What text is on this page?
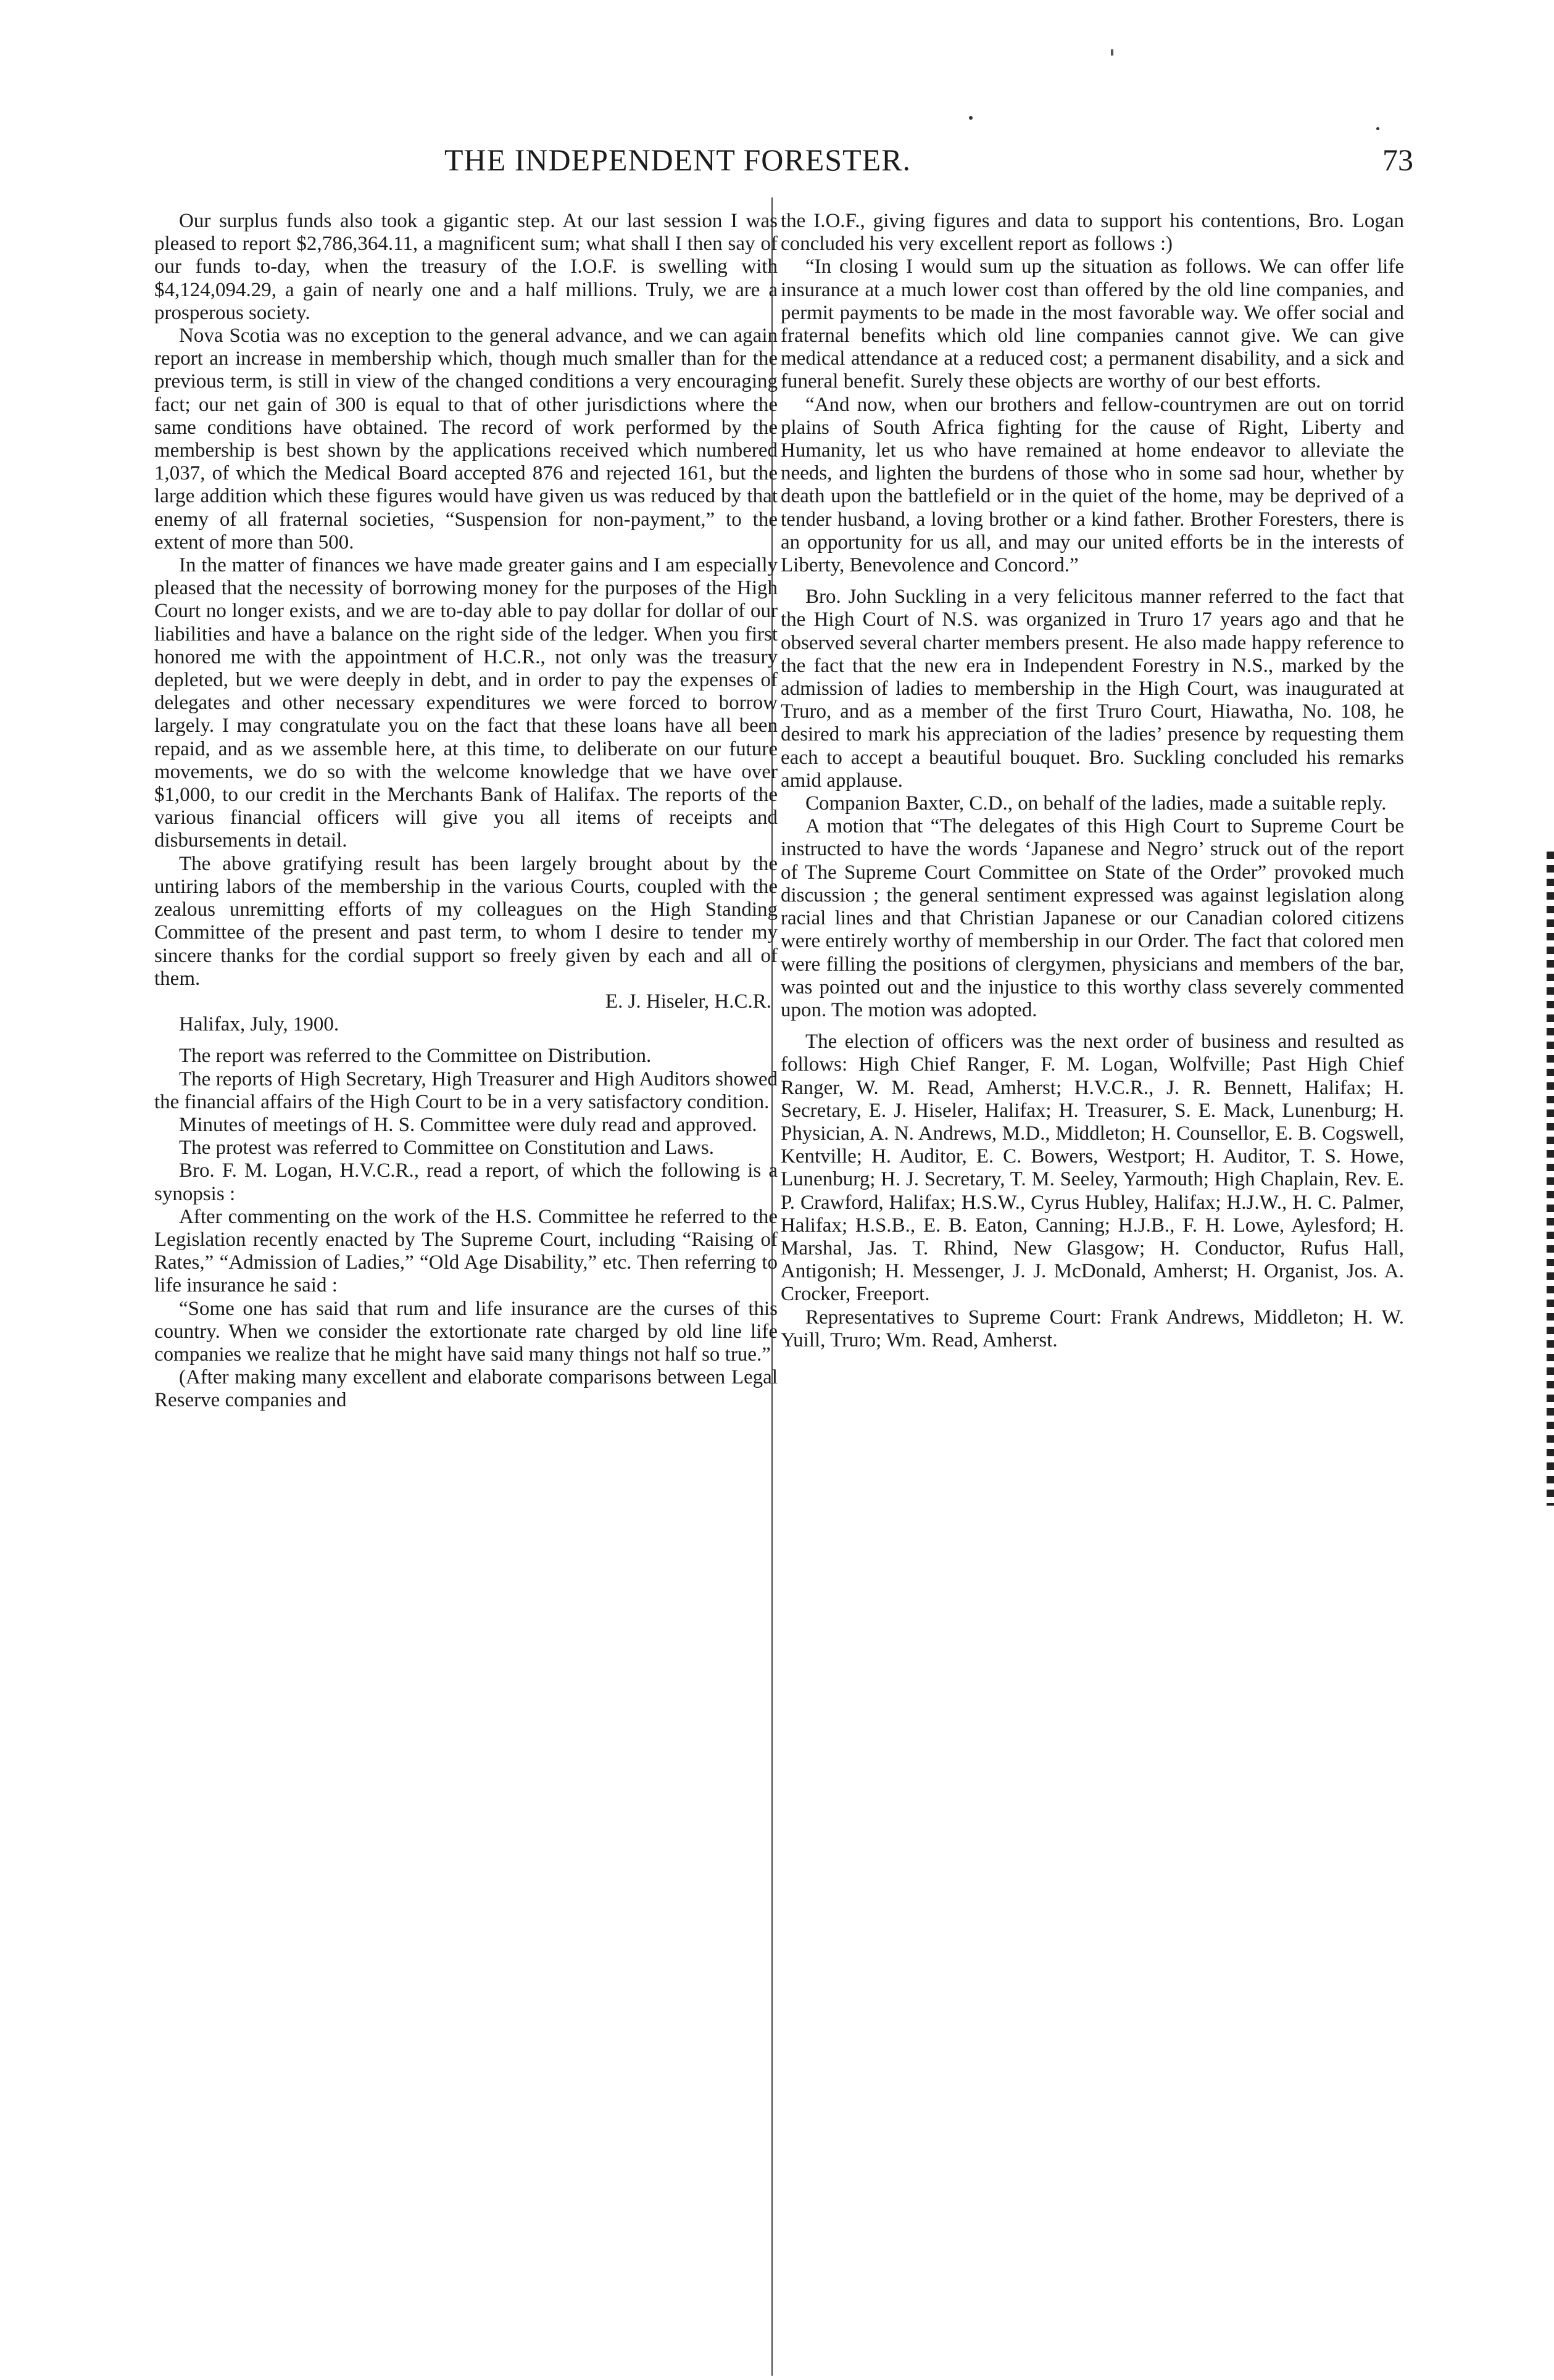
THE INDEPENDENT FORESTER.	73

Our surplus funds also took a gigantic step. At our last session I was pleased to report $2,786,364.11, a magnificent sum; what shall I then say of our funds to-day, when the treasury of the I.O.F. is swelling with $4,124,094.29, a gain of nearly one and a half millions. Truly, we are a prosperous society.

Nova Scotia was no exception to the general advance, and we can again report an increase in membership which, though much smaller than for the previous term, is still in view of the changed conditions a very encouraging fact; our net gain of 300 is equal to that of other jurisdictions where the same conditions have obtained. The record of work performed by the membership is best shown by the applications received which numbered 1,037, of which the Medical Board accepted 876 and rejected 161, but the large addition which these figures would have given us was reduced by that enemy of all fraternal societies, “Suspension for non-payment,” to the extent of more than 500.

In the matter of finances we have made greater gains and I am especially pleased that the necessity of borrowing money for the purposes of the High Court no longer exists, and we are to-day able to pay dollar for dollar of our liabilities and have a balance on the right side of the ledger. When you first honored me with the appointment of H.C.R., not only was the treasury depleted, but we were deeply in debt, and in order to pay the expenses of delegates and other necessary expenditures we were forced to borrow largely. I may congratulate you on the fact that these loans have all been repaid, and as we assemble here, at this time, to deliberate on our future movements, we do so with the welcome knowledge that we have over $1,000, to our credit in the Merchants Bank of Halifax. The reports of the various financial officers will give you all items of receipts and disbursements in detail.

The above gratifying result has been largely brought about by the untiring labors of the membership in the various Courts, coupled with the zealous unremitting efforts of my colleagues on the High Standing Committee of the present and past term, to whom I desire to tender my sincere thanks for the cordial support so freely given by each and all of them.

E. J. Hiseler, H.C.R.

Halifax, July, 1900.

The report was referred to the Committee on Distribution.

The reports of High Secretary, High Treasurer and High Auditors showed the financial affairs of the High Court to be in a very satisfactory condition.

Minutes of meetings of H. S. Committee were duly read and approved.

The protest was referred to Committee on Constitution and Laws.

Bro. F. M. Logan, H.V.C.R., read a report, of which the following is a synopsis :

After commenting on the work of the H.S. Committee he referred to the Legislation recently enacted by The Supreme Court, including “Raising of Rates,” “Admission of Ladies,” “Old Age Disability,” etc. Then referring to life insurance he said :

“Some one has said that rum and life insurance are the curses of this country. When we consider the extortionate rate charged by old line life companies we realize that he might have said many things not half so true.”

(After making many excellent and elaborate comparisons between Legal Reserve companies and

the I.O.F., giving figures and data to support his contentions, Bro. Logan concluded his very excellent report as follows :)

“In closing I would sum up the situation as follows. We can offer life insurance at a much lower cost than offered by the old line companies, and permit payments to be made in the most favorable way. We offer social and fraternal benefits which old line companies cannot give. We can give medical attendance at a reduced cost; a permanent disability, and a sick and funeral benefit. Surely these objects are worthy of our best efforts.

“And now, when our brothers and fellow-countrymen are out on torrid plains of South Africa fighting for the cause of Right, Liberty and Humanity, let us who have remained at home endeavor to alleviate the needs, and lighten the burdens of those who in some sad hour, whether by death upon the battlefield or in the quiet of the home, may be deprived of a tender husband, a loving brother or a kind father. Brother Foresters, there is an opportunity for us all, and may our united efforts be in the interests of Liberty, Benevolence and Concord.”

Bro. John Suckling in a very felicitous manner referred to the fact that the High Court of N.S. was organized in Truro 17 years ago and that he observed several charter members present. He also made happy reference to the fact that the new era in Independent Forestry in N.S., marked by the admission of ladies to membership in the High Court, was inaugurated at Truro, and as a member of the first Truro Court, Hiawatha, No. 108, he desired to mark his appreciation of the ladies’ presence by requesting them each to accept a beautiful bouquet. Bro. Suckling concluded his remarks amid applause.

Companion Baxter, C.D., on behalf of the ladies, made a suitable reply.

A motion that “The delegates of this High Court to Supreme Court be instructed to have the words ‘Japanese and Negro’ struck out of the report of The Supreme Court Committee on State of the Order” provoked much discussion ; the general sentiment expressed was against legislation along racial lines and that Christian Japanese or our Canadian colored citizens were entirely worthy of membership in our Order. The fact that colored men were filling the positions of clergymen, physicians and members of the bar, was pointed out and the injustice to this worthy class severely commented upon. The motion was adopted.

The election of officers was the next order of business and resulted as follows: High Chief Ranger, F. M. Logan, Wolfville; Past High Chief Ranger, W. M. Read, Amherst; H.V.C.R., J. R. Bennett, Halifax; H. Secretary, E. J. Hiseler, Halifax; H. Treasurer, S. E. Mack, Lunenburg; H. Physician, A. N. Andrews, M.D., Middleton; H. Counsellor, E. B. Cogswell, Kentville; H. Auditor, E. C. Bowers, Westport; H. Auditor, T. S. Howe, Lunenburg; H. J. Secretary, T. M. Seeley, Yarmouth; High Chaplain, Rev. E. P. Crawford, Halifax; H.S.W., Cyrus Hubley, Halifax; H.J.W., H. C. Palmer, Halifax; H.S.B., E. B. Eaton, Canning; H.J.B., F. H. Lowe, Aylesford; H. Marshal, Jas. T. Rhind, New Glasgow; H. Conductor, Rufus Hall, Antigonish; H. Messenger, J. J. McDonald, Amherst; H. Organist, Jos. A. Crocker, Freeport.

Representatives to Supreme Court: Frank Andrews, Middleton; H. W. Yuill, Truro; Wm. Read, Amherst.
